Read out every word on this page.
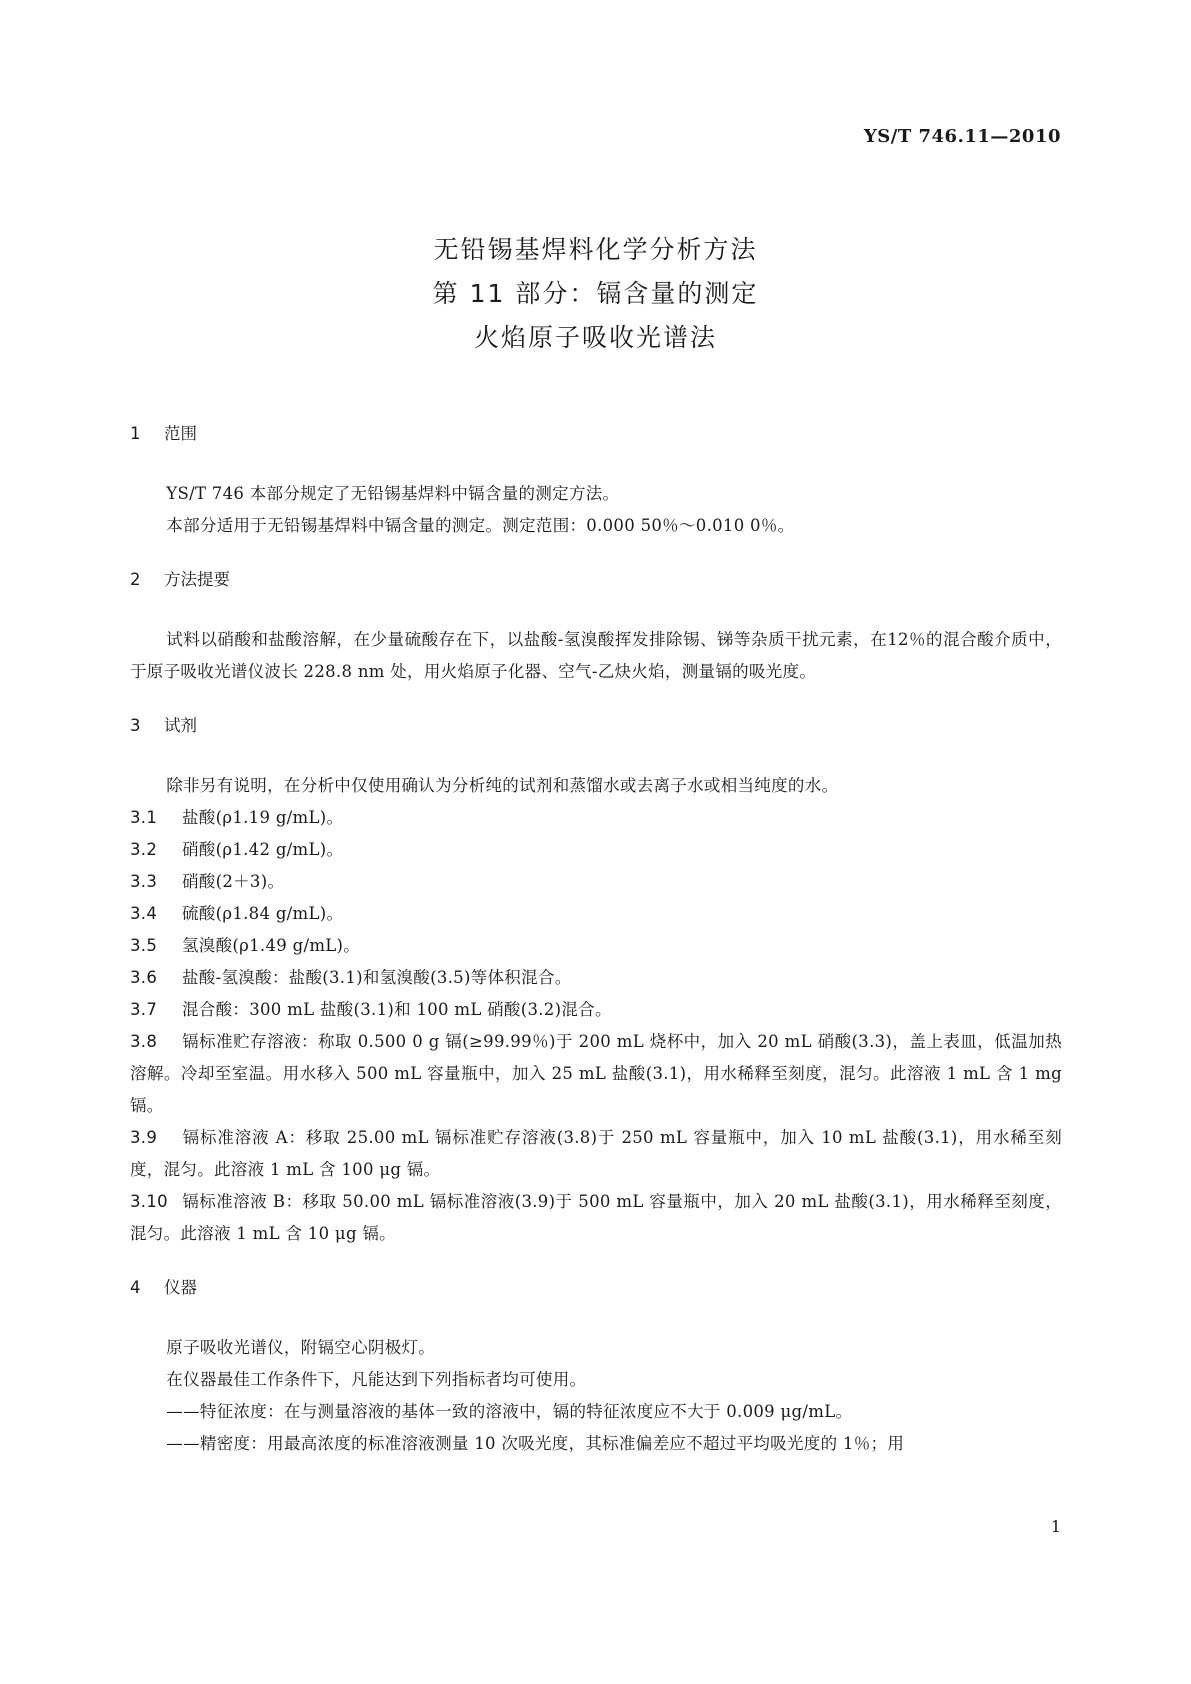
YS/T 746.11—2010
无铅锡基焊料化学分析方法
第 11 部分：镉含量的测定
火焰原子吸收光谱法
1 范围

YS/T 746 本部分规定了无铅锡基焊料中镉含量的测定方法。

本部分适用于无铅锡基焊料中镉含量的测定。测定范围：0.000 50％～0.010 0％。

2 方法提要

试料以硝酸和盐酸溶解，在少量硫酸存在下，以盐酸-氢溴酸挥发排除锡、锑等杂质干扰元素，在12％的混合酸介质中，于原子吸收光谱仪波长 228.8 nm 处，用火焰原子化器、空气-乙炔火焰，测量镉的吸光度。

3 试剂

除非另有说明，在分析中仅使用确认为分析纯的试剂和蒸馏水或去离子水或相当纯度的水。

3.1 盐酸(ρ1.19 g/mL)。

3.2 硝酸(ρ1.42 g/mL)。

3.3 硝酸(2＋3)。

3.4 硫酸(ρ1.84 g/mL)。

3.5 氢溴酸(ρ1.49 g/mL)。

3.6 盐酸-氢溴酸：盐酸(3.1)和氢溴酸(3.5)等体积混合。

3.7 混合酸：300 mL 盐酸(3.1)和 100 mL 硝酸(3.2)混合。

3.8 镉标准贮存溶液：称取 0.500 0 g 镉(≥99.99％)于 200 mL 烧杯中，加入 20 mL 硝酸(3.3)，盖上表皿，低温加热溶解。冷却至室温。用水移入 500 mL 容量瓶中，加入 25 mL 盐酸(3.1)，用水稀释至刻度，混匀。此溶液 1 mL 含 1 mg 镉。

3.9 镉标准溶液 A：移取 25.00 mL 镉标准贮存溶液(3.8)于 250 mL 容量瓶中，加入 10 mL 盐酸(3.1)，用水稀至刻度，混匀。此溶液 1 mL 含 100 μg 镉。

3.10 镉标准溶液 B：移取 50.00 mL 镉标准溶液(3.9)于 500 mL 容量瓶中，加入 20 mL 盐酸(3.1)，用水稀释至刻度，混匀。此溶液 1 mL 含 10 μg 镉。

4 仪器

原子吸收光谱仪，附镉空心阴极灯。

在仪器最佳工作条件下，凡能达到下列指标者均可使用。

——特征浓度：在与测量溶液的基体一致的溶液中，镉的特征浓度应不大于 0.009 μg/mL。

——精密度：用最高浓度的标准溶液测量 10 次吸光度，其标准偏差应不超过平均吸光度的 1％；用

1
